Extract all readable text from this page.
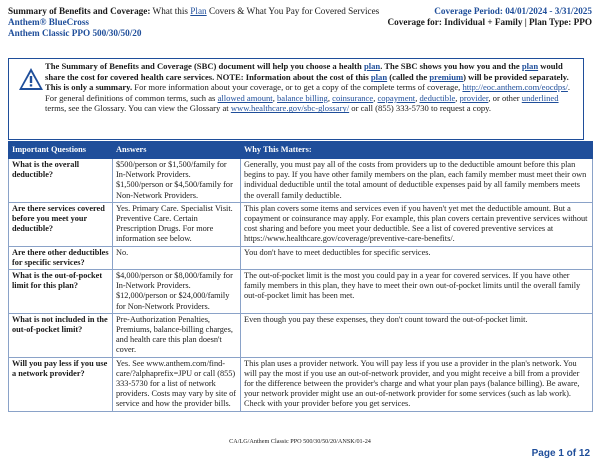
Summary of Benefits and Coverage: What this Plan Covers & What You Pay for Covered Services
Anthem® BlueCross
Anthem Classic PPO 500/30/50/20
Coverage Period: 04/01/2024 - 3/31/2025
Coverage for: Individual + Family | Plan Type: PPO
The Summary of Benefits and Coverage (SBC) document will help you choose a health plan. The SBC shows you how you and the plan would share the cost for covered health care services. NOTE: Information about the cost of this plan (called the premium) will be provided separately. This is only a summary. For more information about your coverage, or to get a copy of the complete terms of coverage, http://eoc.anthem.com/eocdps/. For general definitions of common terms, such as allowed amount, balance billing, coinsurance, copayment, deductible, provider, or other underlined terms, see the Glossary. You can view the Glossary at www.healthcare.gov/sbc-glossary/ or call (855) 333-5730 to request a copy.
Important Questions	Answers	Why This Matters:
What is the overall deductible?	$500/person or $1,500/family for In-Network Providers. $1,500/person or $4,500/family for Non-Network Providers.	Generally, you must pay all of the costs from providers up to the deductible amount before this plan begins to pay. If you have other family members on the plan, each family member must meet their own individual deductible until the total amount of deductible expenses paid by all family members meets the overall family deductible.
Are there services covered before you meet your deductible?	Yes. Primary Care. Specialist Visit. Preventive Care. Certain Prescription Drugs. For more information see below.	This plan covers some items and services even if you haven't yet met the deductible amount. But a copayment or coinsurance may apply. For example, this plan covers certain preventive services without cost sharing and before you meet your deductible. See a list of covered preventive services at https://www.healthcare.gov/coverage/preventive-care-benefits/.
Are there other deductibles for specific services?	No.	You don't have to meet deductibles for specific services.
What is the out-of-pocket limit for this plan?	$4,000/person or $8,000/family for In-Network Providers. $12,000/person or $24,000/family for Non-Network Providers.	The out-of-pocket limit is the most you could pay in a year for covered services. If you have other family members in this plan, they have to meet their own out-of-pocket limits until the overall family out-of-pocket limit has been met.
What is not included in the out-of-pocket limit?	Pre-Authorization Penalties, Premiums, balance-billing charges, and health care this plan doesn't cover.	Even though you pay these expenses, they don't count toward the out-of-pocket limit.
Will you pay less if you use a network provider?	Yes. See www.anthem.com/find-care/?alphaprefix=JPU or call (855) 333-5730 for a list of network providers. Costs may vary by site of service and how the provider bills.	This plan uses a provider network. You will pay less if you use a provider in the plan's network. You will pay the most if you use an out-of-network provider, and you might receive a bill from a provider for the difference between the provider's charge and what your plan pays (balance billing). Be aware, your network provider might use an out-of-network provider for some services (such as lab work). Check with your provider before you get services.
CA/LG/Anthem Classic PPO 500/30/50/20/ANSK/01-24
Page 1 of 12
